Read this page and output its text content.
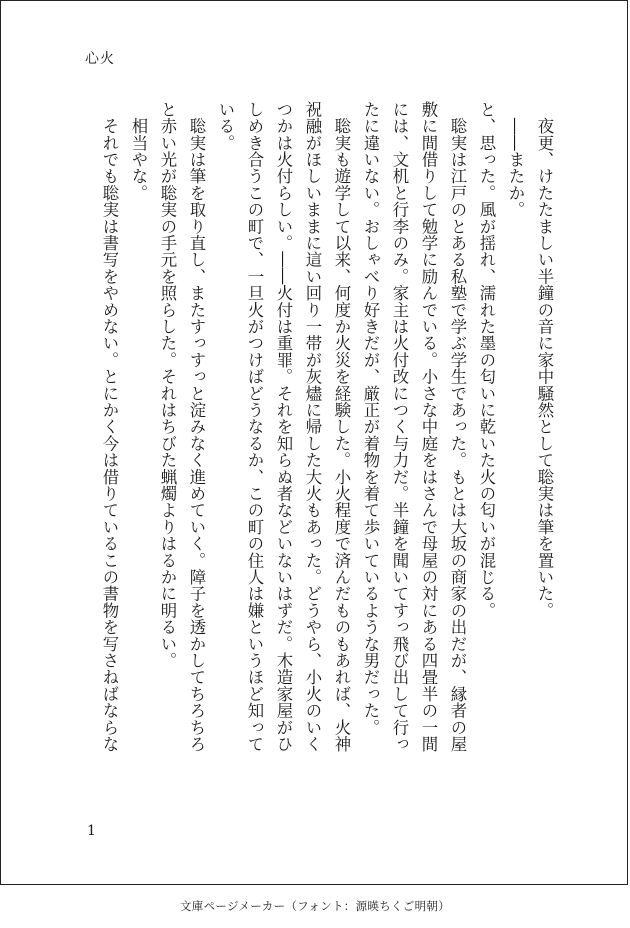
心火
　夜更、けたたましい半鐘の音に家中騒然として聡実は筆を置いた。
　――またか。
と、思った。風が揺れ、濡れた墨の匂いに乾いた火の匂いが混じる。
　聡実は江戸のとある私塾で学ぶ学生であった。もとは大坂の商家の出だが、縁者の屋
敷に間借りして勉学に励んでいる。小さな中庭をはさんで母屋の対にある四畳半の一間
には、文机と行李のみ。家主は火付改につく与力だ。半鐘を聞いてすっ飛び出して行っ
たに違いない。おしゃべり好きだが、厳正が着物を着て歩いているような男だった。
　聡実も遊学して以来、何度か火災を経験した。小火程度で済んだものもあれば、火神
祝融がほしいままに這い回り一帯が灰燼に帰した大火もあった。どうやら、小火のいく
つかは火付らしい。――火付は重罪。それを知らぬ者などいないはずだ。木造家屋がひ
しめき合うこの町で、一旦火がつけばどうなるか、この町の住人は嫌というほど知って
いる。
　聡実は筆を取り直し、またすっすっと淀みなく進めていく。障子を透かしてちろちろ
と赤い光が聡実の手元を照らした。それはちびた蝋燭よりはるかに明るい。
　相当やな。
　それでも聡実は書写をやめない。とにかく今は借りているこの書物を写さねばならな
1
文庫ページメーカー（フォント：源暎ちくご明朝）
